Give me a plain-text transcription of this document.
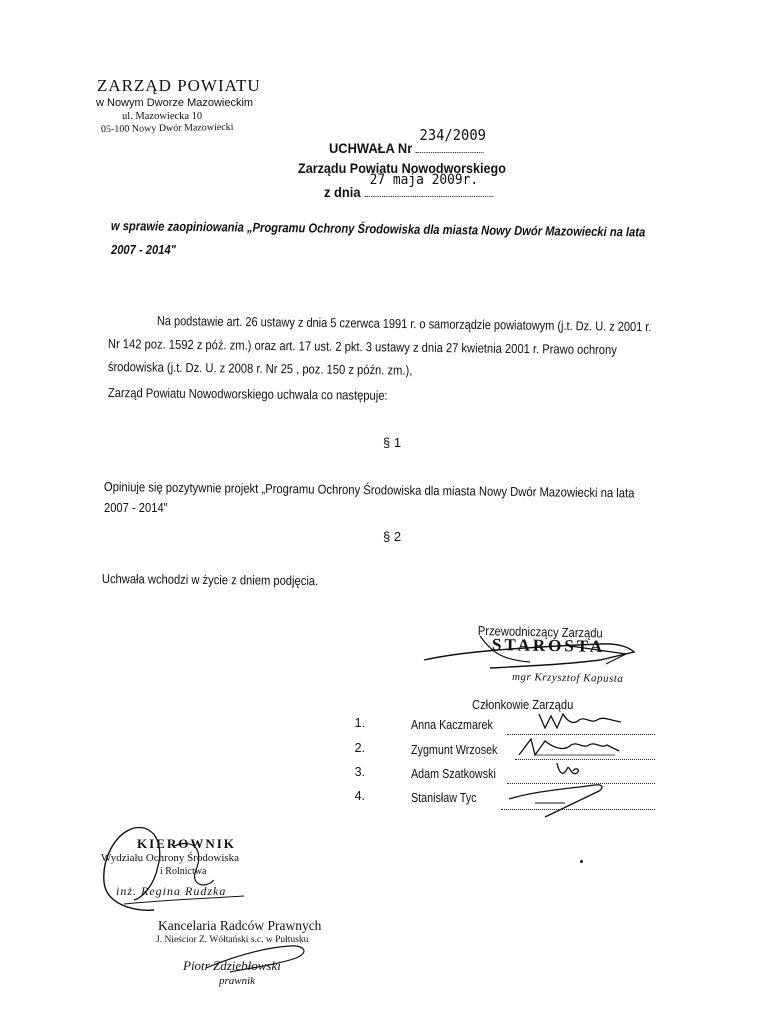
ZARZĄD POWIATU
w Nowym Dworze Mazowieckim
ul. Mazowiecka 10
05-100 Nowy Dwór Mazowiecki
UCHWAŁA Nr
234/2009
Zarządu Powiatu Nowodworskiego
z dnia
27 maja 2009r.
w sprawie zaopiniowania „Programu Ochrony Środowiska dla miasta Nowy Dwór Mazowiecki na lata
2007 - 2014"
Na podstawie art. 26 ustawy z dnia 5 czerwca 1991 r. o samorządzie powiatowym (j.t. Dz. U. z 2001 r.
Nr 142 poz. 1592 z póź. zm.) oraz art. 17 ust. 2 pkt. 3 ustawy z dnia 27 kwietnia 2001 r. Prawo ochrony
środowiska (j.t. Dz. U. z 2008 r. Nr 25 , poz. 150 z późn. zm.),
Zarząd Powiatu Nowodworskiego uchwala co następuje:
§ 1
Opiniuje się pozytywnie projekt „Programu Ochrony Środowiska dla miasta Nowy Dwór Mazowiecki na lata
2007 - 2014"
§ 2
Uchwała wchodzi w życie z dniem podjęcia.
Przewodniczący Zarządu
STAROSTA
mgr Krzysztof Kapusta
Członkowie Zarządu
1.	Anna Kaczmarek
2.	Zygmunt Wrzosek
3.	Adam Szatkowski
4.	Stanisław Tyc
KIEROWNIK
Wydziału Ochrony Środowiska
i Rolnictwa
inż. Regina Rudzka
Kancelaria Radców Prawnych
J. Nieścior Z. Wółtański s.c. w Pułtusku
Piotr Zdziebłowski
prawnik
